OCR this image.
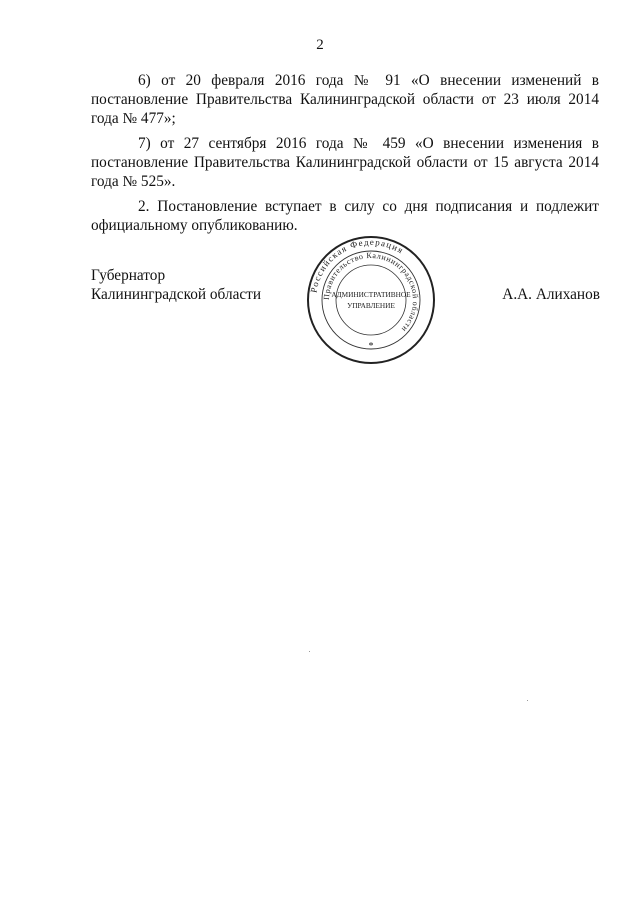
2

6) от 20 февраля 2016 года № 91 «О внесении изменений в постановление Правительства Калининградской области от 23 июля 2014 года № 477»;

7) от 27 сентября 2016 года № 459 «О внесении изменения в постановление Правительства Калининградской области от 15 августа 2014 года № 525».

2. Постановление вступает в силу со дня подписания и подлежит официальному опубликованию.

Губернатор
Калининградской области	А.А. Алиханов
Российская Федерация
Правительство Калининградской области
АДМИНИСТРАТИВНОЕ
УПРАВЛЕНИЕ
*
